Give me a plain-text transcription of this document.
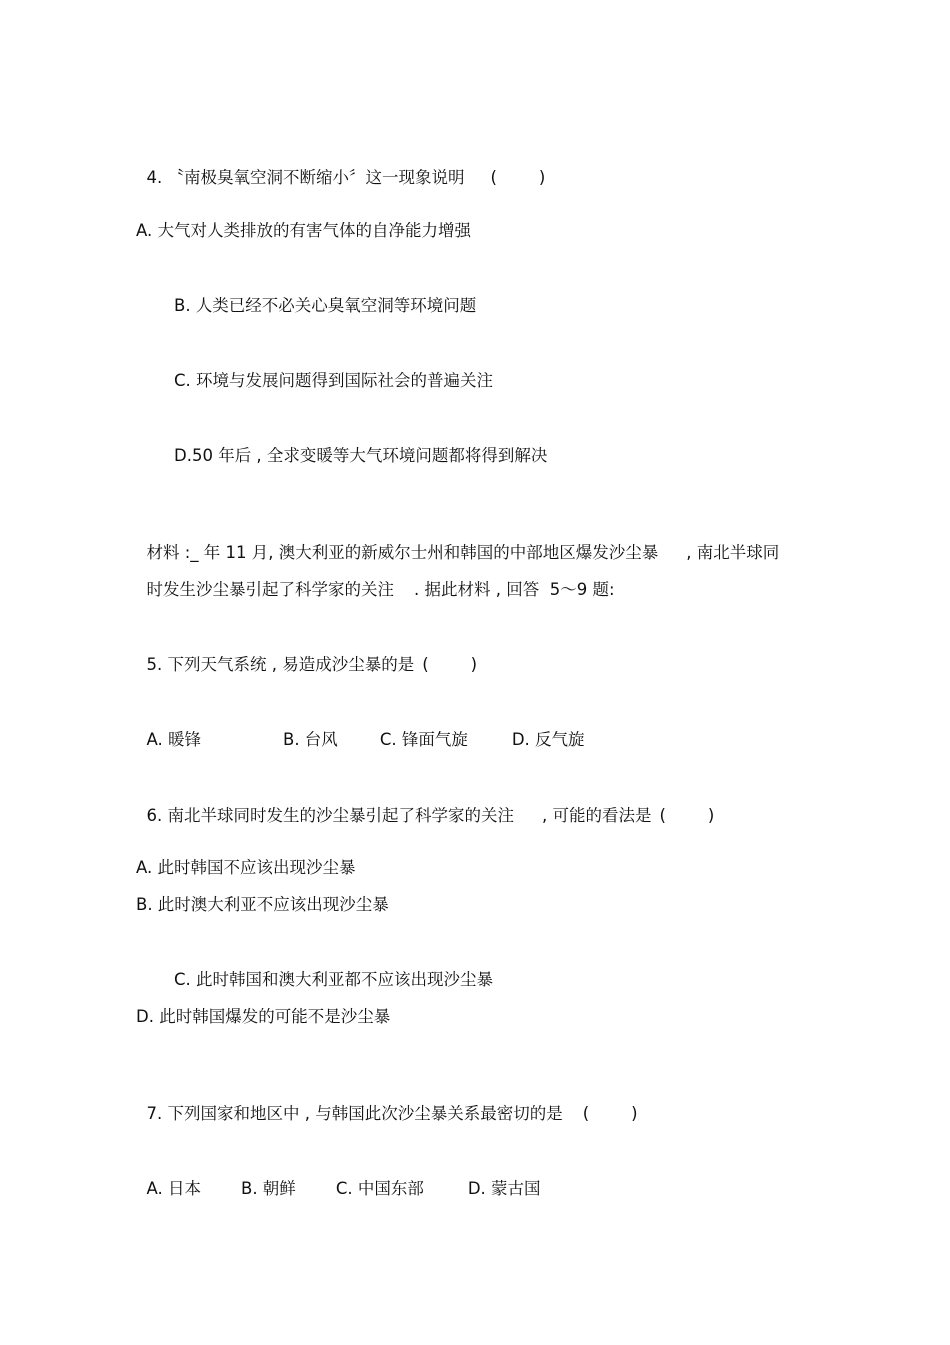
4. 〝南极臭氧空洞不断缩小〞这一现象说明 (        )

A. 大气对人类排放的有害气体的自净能力增强
B. 人类已经不必关心臭氧空洞等环境问题
C. 环境与发展问题得到国际社会的普遍关注
D.50 年后 , 全求变暖等大气环境问题都将得到解决

材料 :_ 年 11 月, 澳大利亚的新威尔士州和韩国的中部地区爆发沙尘暴 , 南北半球同

时发生沙尘暴引起了科学家的关注 . 据此材料 , 回答  5～9 题:

5. 下列天气系统 , 易造成沙尘暴的是 (        )

A. 暖锋	B. 台风	C. 锋面气旋	D. 反气旋

6. 南北半球同时发生的沙尘暴引起了科学家的关注 , 可能的看法是 (        )

A. 此时韩国不应该出现沙尘暴
B. 此时澳大利亚不应该出现沙尘暴
C. 此时韩国和澳大利亚都不应该出现沙尘暴
D. 此时韩国爆发的可能不是沙尘暴

7. 下列国家和地区中 , 与韩国此次沙尘暴关系最密切的是 (        )

A. 日本 B. 朝鲜 C. 中国东部	D. 蒙古国
